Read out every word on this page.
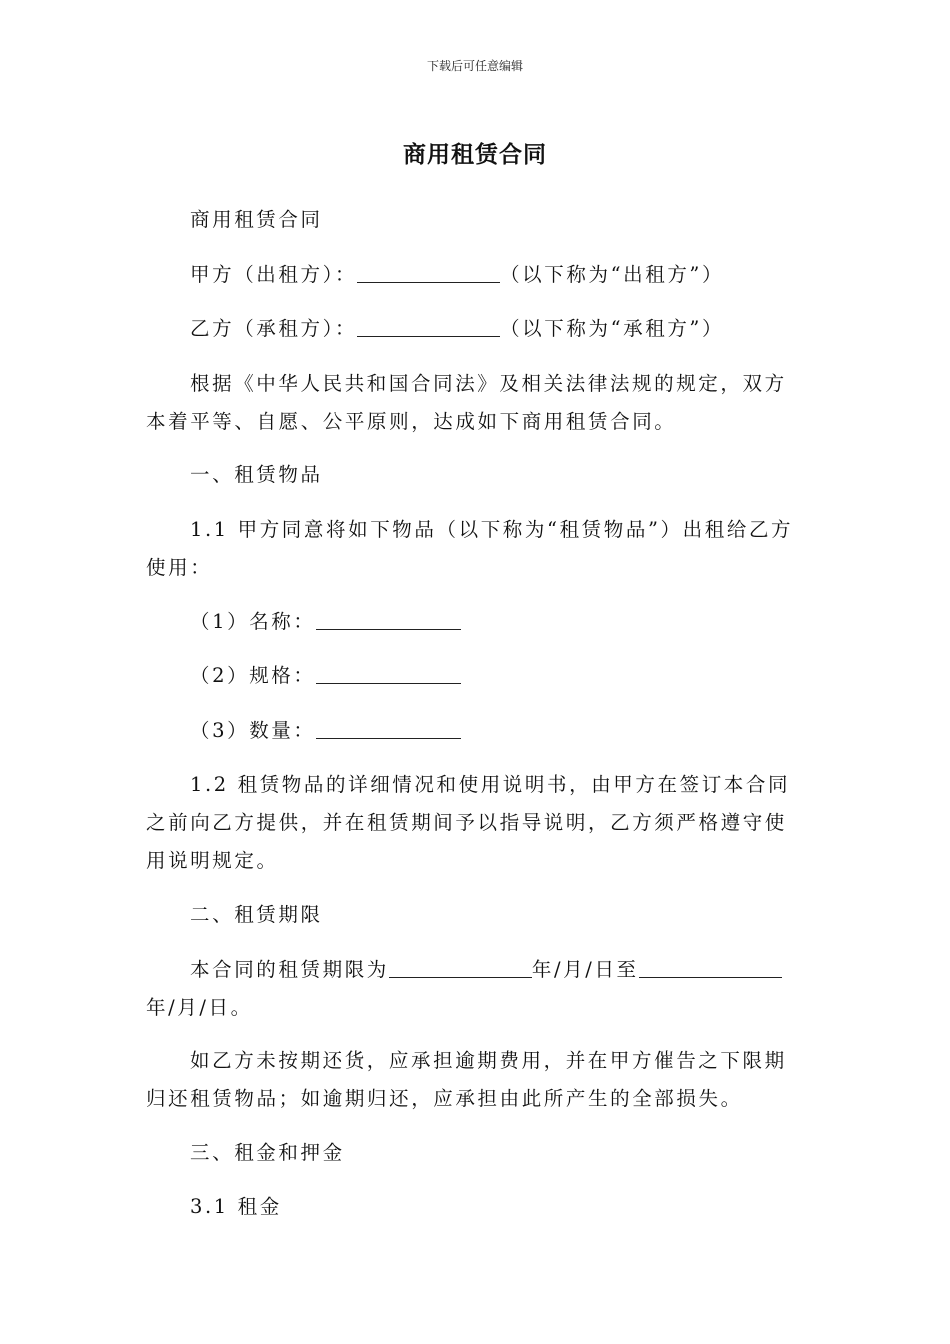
下载后可任意编辑
商用租赁合同
商用租赁合同
甲方（出租方）：	（以下称为“出租方”）
乙方（承租方）：	（以下称为“承租方”）
根据《中华人民共和国合同法》及相关法律法规的规定，双方本着平等、自愿、公平原则，达成如下商用租赁合同。
一、租赁物品
1.1 甲方同意将如下物品（以下称为“租赁物品”）出租给乙方使用：
（1）名称：
（2）规格：
（3）数量：
1.2 租赁物品的详细情况和使用说明书，由甲方在签订本合同之前向乙方提供，并在租赁期间予以指导说明，乙方须严格遵守使用说明规定。
二、租赁期限
本合同的租赁期限为	年/月/日至年/月/日。
如乙方未按期还货，应承担逾期费用，并在甲方催告之下限期归还租赁物品；如逾期归还，应承担由此所产生的全部损失。
三、租金和押金
3.1 租金
